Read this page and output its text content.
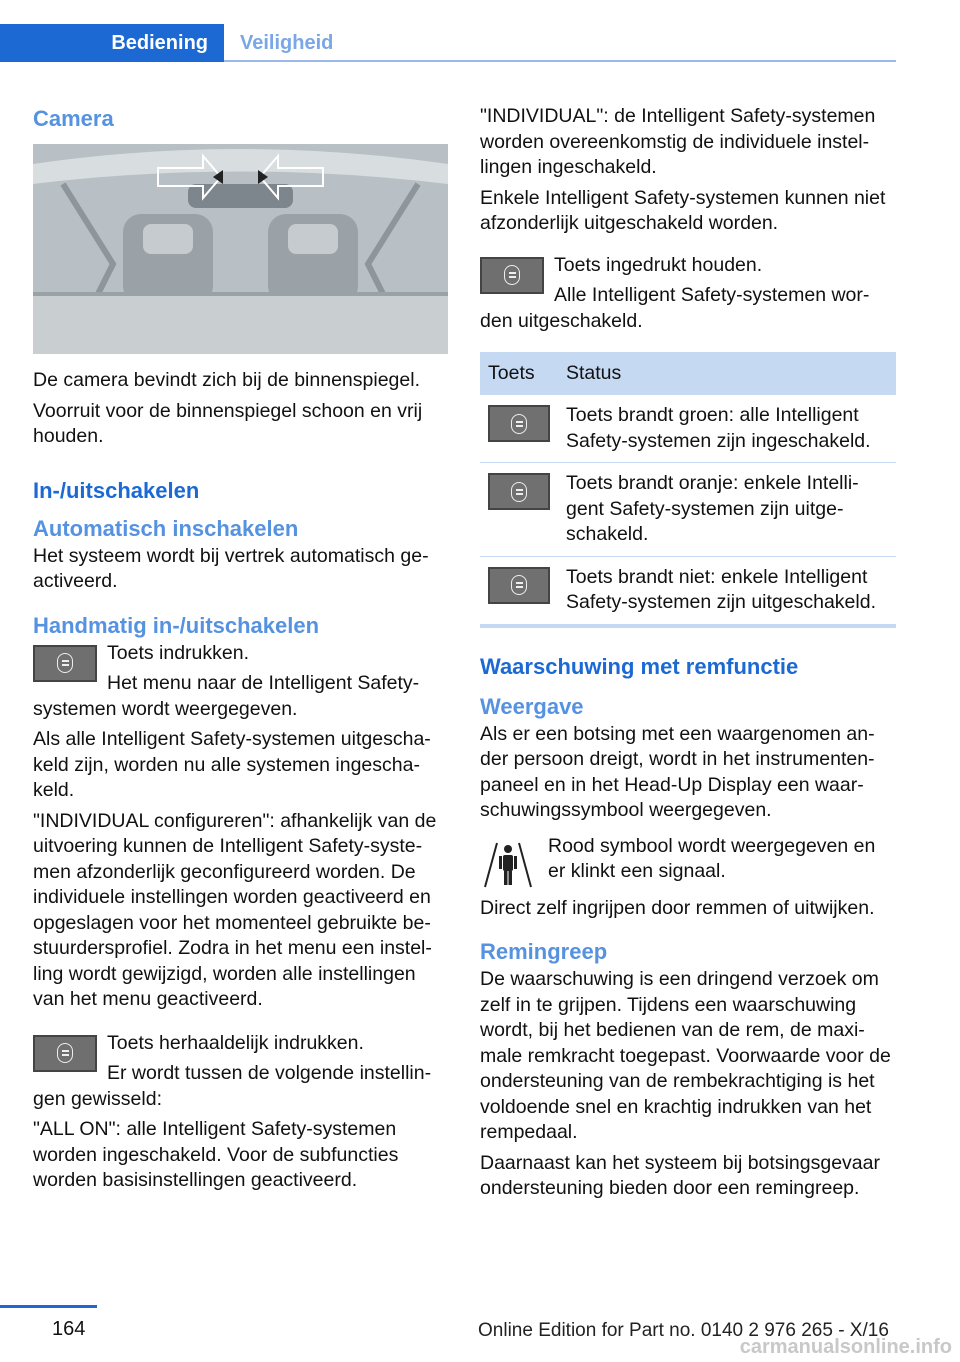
Bediening	Veiligheid
Camera
De camera bevindt zich bij de binnenspiegel.
Voorruit voor de binnenspiegel schoon en vrij houden.
In-/uitschakelen
Automatisch inschakelen
Het systeem wordt bij vertrek automatisch ge‐activeerd.
Handmatig in-/uitschakelen
Toets indrukken.
Het menu naar de Intelligent Safety-systemen wordt weergegeven.
Als alle Intelligent Safety-systemen uitgescha‐keld zijn, worden nu alle systemen ingescha‐keld.
"INDIVIDUAL configureren": afhankelijk van de uitvoering kunnen de Intelligent Safety-syste‐men afzonderlijk geconfigureerd worden. De individuele instellingen worden geactiveerd en opgeslagen voor het momenteel gebruikte be‐stuurdersprofiel. Zodra in het menu een instel‐ling wordt gewijzigd, worden alle instellingen van het menu geactiveerd.
Toets herhaaldelijk indrukken.
Er wordt tussen de volgende instellin‐gen gewisseld:
"ALL ON": alle Intelligent Safety-systemen worden ingeschakeld. Voor de subfuncties worden basisinstellingen geactiveerd.
"INDIVIDUAL": de Intelligent Safety-systemen worden overeenkomstig de individuele instel‐lingen ingeschakeld.
Enkele Intelligent Safety-systemen kunnen niet afzonderlijk uitgeschakeld worden.
Toets ingedrukt houden.
Alle Intelligent Safety-systemen wor‐den uitgeschakeld.
Toets	Status

	Toets brandt groen: alle Intelligent Safety-systemen zijn ingeschakeld.

	Toets brandt oranje: enkele Intelli‐gent Safety-systemen zijn uitge‐schakeld.

	Toets brandt niet: enkele Intelligent Safety-systemen zijn uitgeschakeld.
Waarschuwing met remfunctie
Weergave
Als er een botsing met een waargenomen an‐der persoon dreigt, wordt in het instrumenten‐paneel en in het Head-Up Display een waar‐schuwingssymbool weergegeven.
Rood symbool wordt weergegeven en er klinkt een signaal.
Direct zelf ingrijpen door remmen of uitwijken.
Remingreep
De waarschuwing is een dringend verzoek om zelf in te grijpen. Tijdens een waarschuwing wordt, bij het bedienen van de rem, de maxi‐male remkracht toegepast. Voorwaarde voor de ondersteuning van de rembekrachtiging is het voldoende snel en krachtig indrukken van het rempedaal.
Daarnaast kan het systeem bij botsingsgevaar ondersteuning bieden door een remingreep.
164	Online Edition for Part no. 0140 2 976 265 - X/16
carmanualsonline.info
